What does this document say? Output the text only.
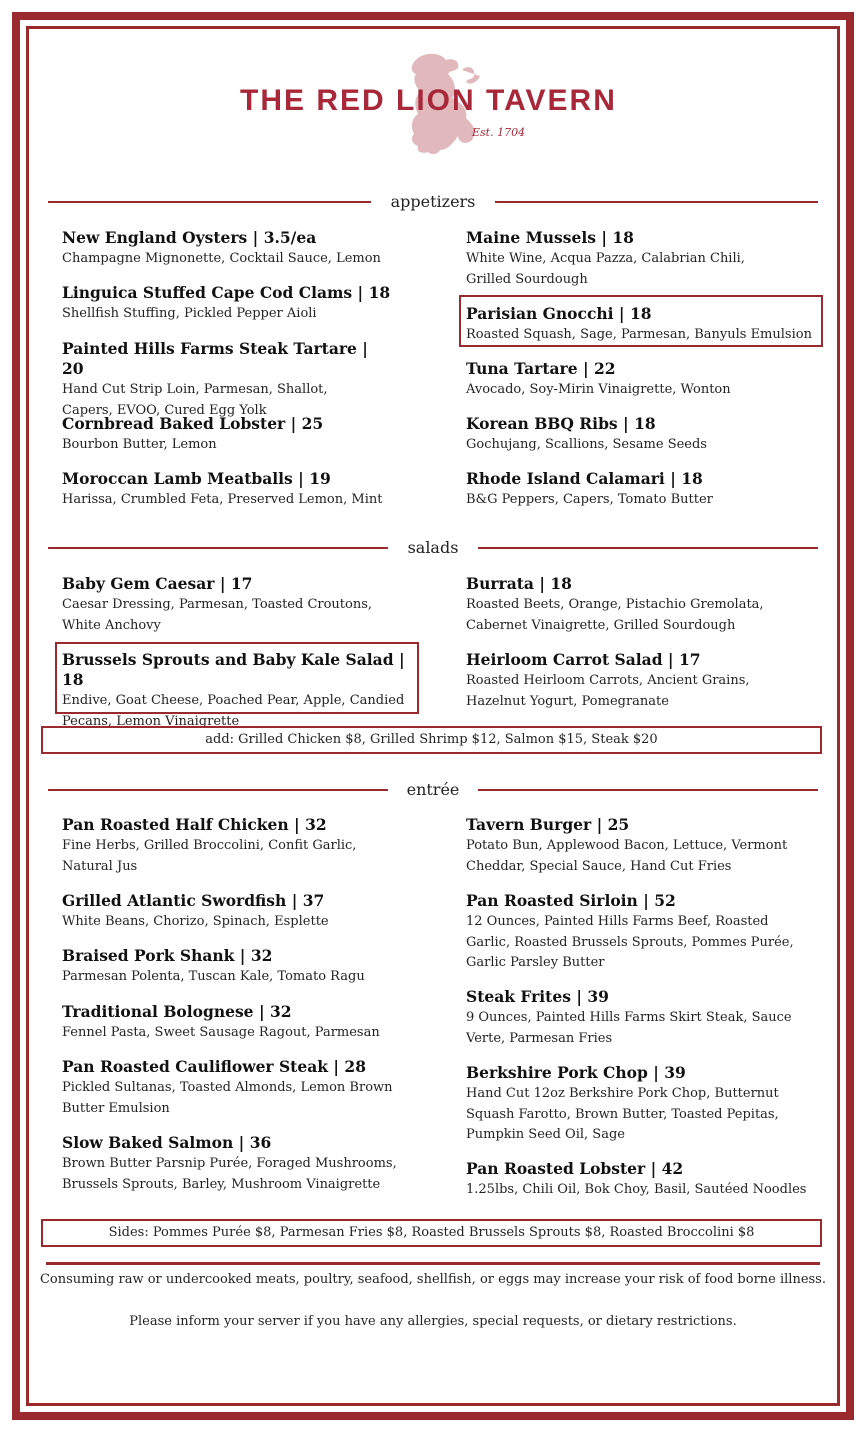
THE RED LION TAVERN
Est. 1704
appetizers
New England Oysters | 3.5/ea
Champagne Mignonette, Cocktail Sauce, Lemon
Linguica Stuffed Cape Cod Clams | 18
Shellfish Stuffing, Pickled Pepper Aioli
Painted Hills Farms Steak Tartare | 20
Hand Cut Strip Loin, Parmesan, Shallot, Capers, EVOO, Cured Egg Yolk
Cornbread Baked Lobster | 25
Bourbon Butter, Lemon
Moroccan Lamb Meatballs | 19
Harissa, Crumbled Feta, Preserved Lemon, Mint
Maine Mussels | 18
White Wine, Acqua Pazza, Calabrian Chili, Grilled Sourdough
Parisian Gnocchi | 18
Roasted Squash, Sage, Parmesan, Banyuls Emulsion
Tuna Tartare | 22
Avocado, Soy-Mirin Vinaigrette, Wonton
Korean BBQ Ribs | 18
Gochujang, Scallions, Sesame Seeds
Rhode Island Calamari | 18
B&G Peppers, Capers, Tomato Butter
salads
Baby Gem Caesar | 17
Caesar Dressing, Parmesan, Toasted Croutons, White Anchovy
Brussels Sprouts and Baby Kale Salad | 18
Endive, Goat Cheese, Poached Pear, Apple, Candied Pecans, Lemon Vinaigrette
Burrata | 18
Roasted Beets, Orange, Pistachio Gremolata, Cabernet Vinaigrette, Grilled Sourdough
Heirloom Carrot Salad | 17
Roasted Heirloom Carrots, Ancient Grains, Hazelnut Yogurt, Pomegranate
add: Grilled Chicken $8, Grilled Shrimp $12, Salmon $15, Steak $20
entrée
Pan Roasted Half Chicken | 32
Fine Herbs, Grilled Broccolini, Confit Garlic, Natural Jus
Grilled Atlantic Swordfish | 37
White Beans, Chorizo, Spinach, Esplette
Braised Pork Shank | 32
Parmesan Polenta, Tuscan Kale, Tomato Ragu
Traditional Bolognese | 32
Fennel Pasta, Sweet Sausage Ragout, Parmesan
Pan Roasted Cauliflower Steak | 28
Pickled Sultanas, Toasted Almonds, Lemon Brown Butter Emulsion
Slow Baked Salmon | 36
Brown Butter Parsnip Purée, Foraged Mushrooms, Brussels Sprouts, Barley, Mushroom Vinaigrette
Tavern Burger | 25
Potato Bun, Applewood Bacon, Lettuce, Vermont Cheddar, Special Sauce, Hand Cut Fries
Pan Roasted Sirloin | 52
12 Ounces, Painted Hills Farms Beef, Roasted Garlic, Roasted Brussels Sprouts, Pommes Purée, Garlic Parsley Butter
Steak Frites | 39
9 Ounces, Painted Hills Farms Skirt Steak, Sauce Verte, Parmesan Fries
Berkshire Pork Chop | 39
Hand Cut 12oz Berkshire Pork Chop, Butternut Squash Farotto, Brown Butter, Toasted Pepitas, Pumpkin Seed Oil, Sage
Pan Roasted Lobster | 42
1.25lbs, Chili Oil, Bok Choy, Basil, Sautéed Noodles
Sides: Pommes Purée $8, Parmesan Fries $8, Roasted Brussels Sprouts $8, Roasted Broccolini $8
Consuming raw or undercooked meats, poultry, seafood, shellfish, or eggs may increase your risk of food borne illness.
Please inform your server if you have any allergies, special requests, or dietary restrictions.
